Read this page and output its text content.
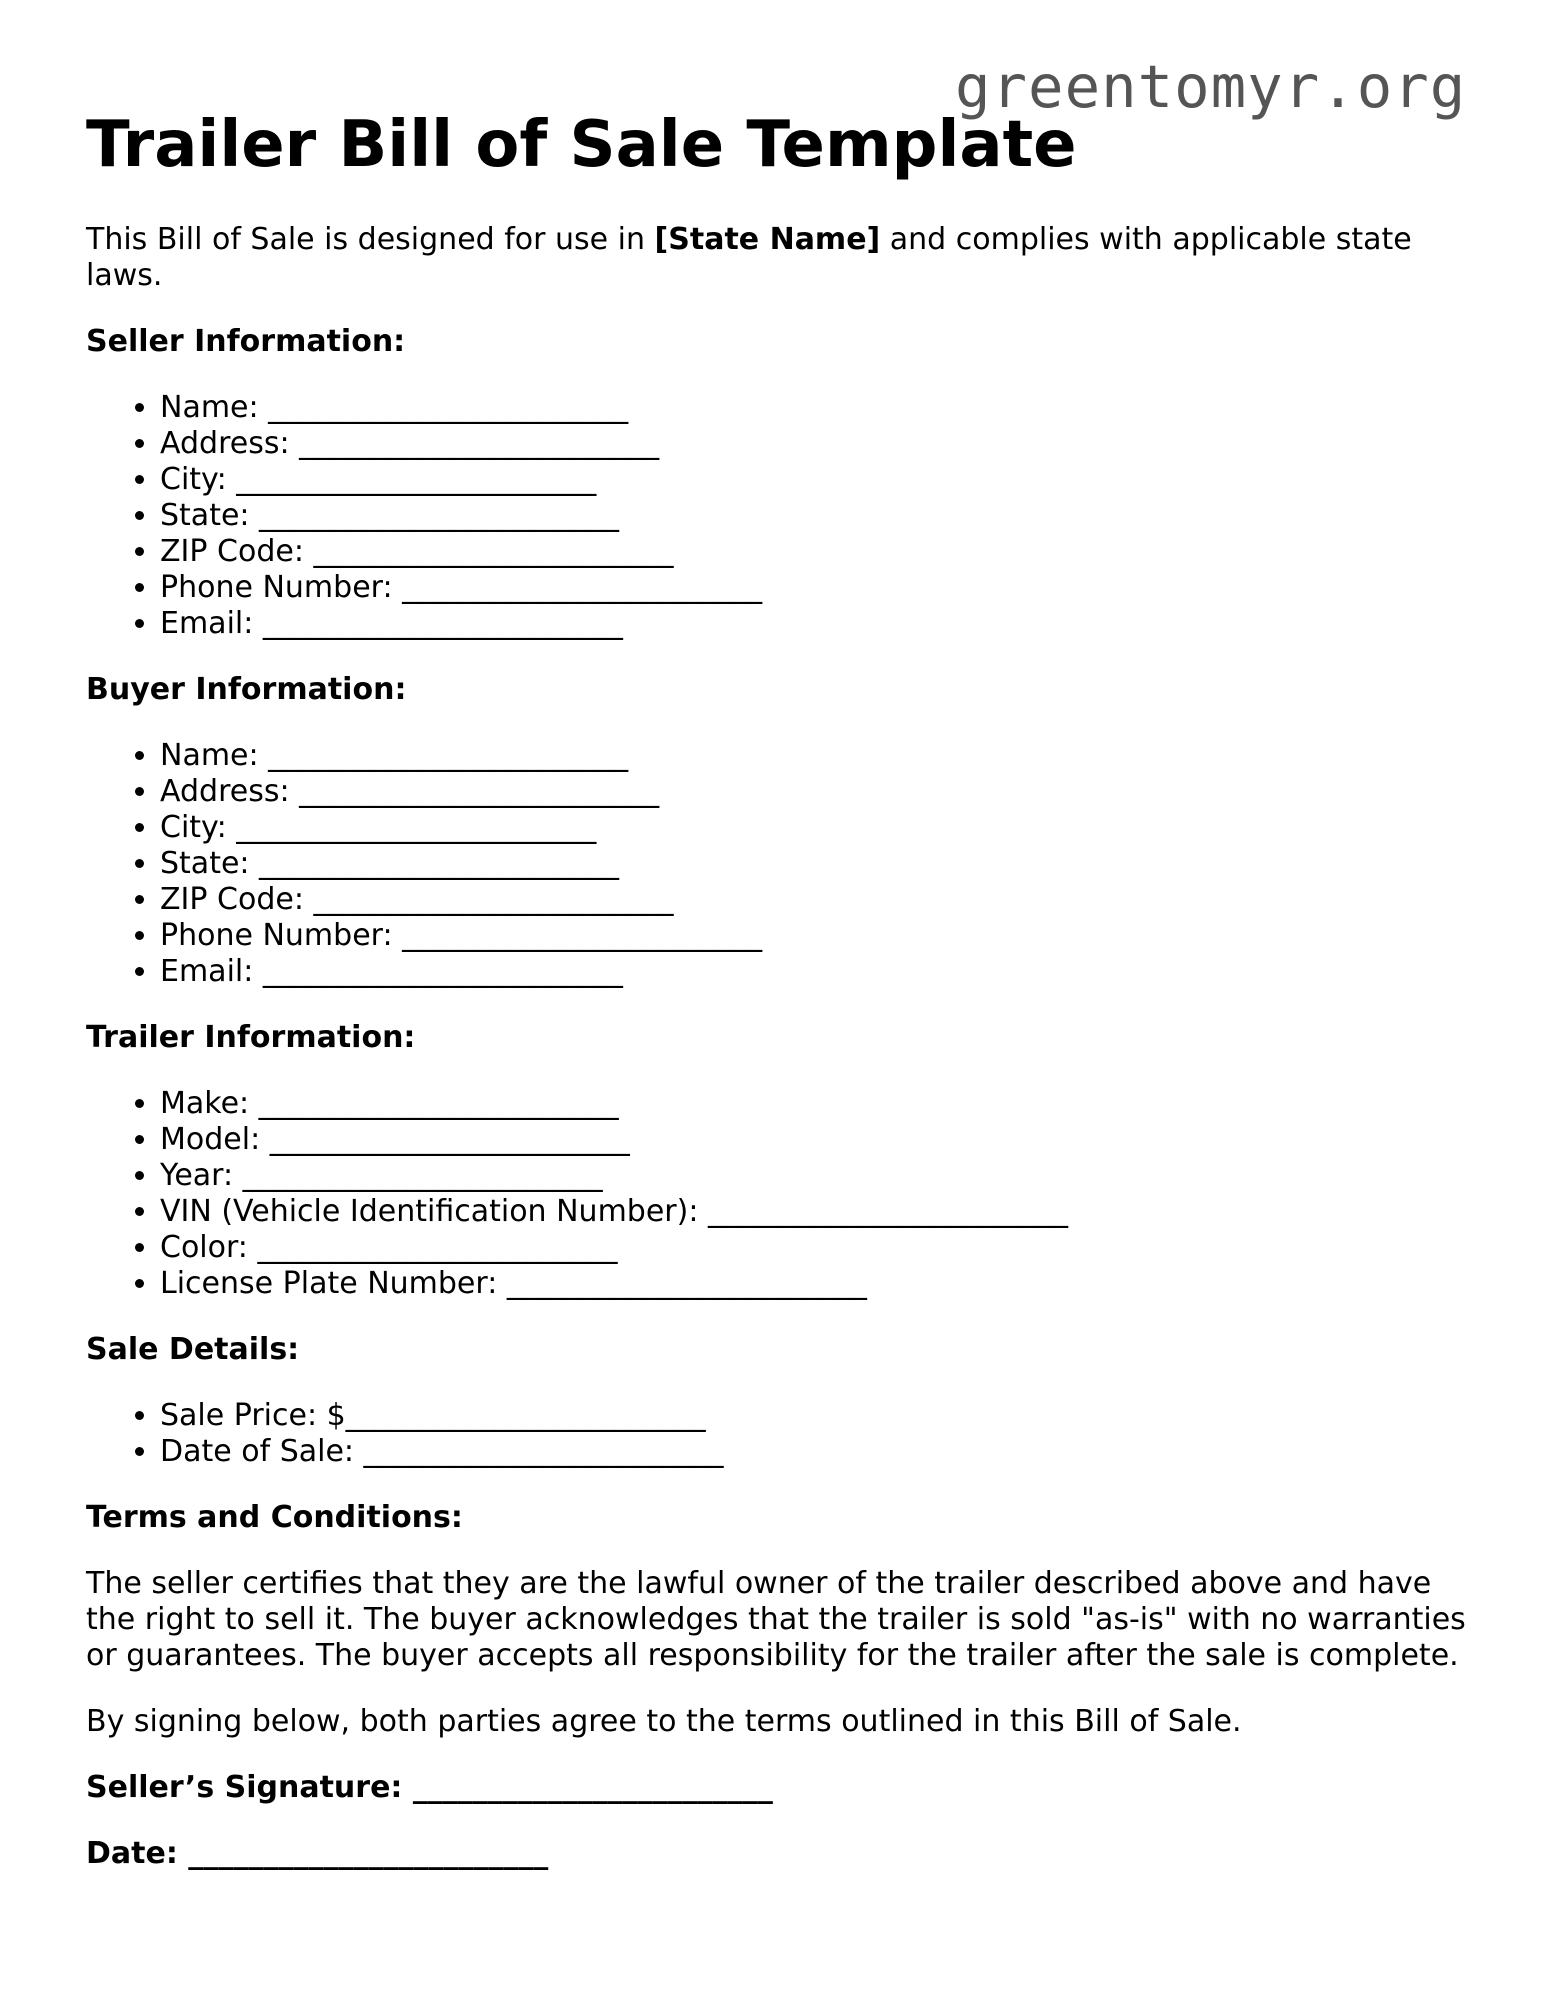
greentomyr.org
Trailer Bill of Sale Template

This Bill of Sale is designed for use in [State Name] and complies with applicable state laws.

Seller Information:
• Name: ________________________
• Address: ________________________
• City: ________________________
• State: ________________________
• ZIP Code: ________________________
• Phone Number: ________________________
• Email: ________________________
Buyer Information:
• Name: ________________________
• Address: ________________________
• City: ________________________
• State: ________________________
• ZIP Code: ________________________
• Phone Number: ________________________
• Email: ________________________
Trailer Information:
• Make: ________________________
• Model: ________________________
• Year: ________________________
• VIN (Vehicle Identification Number): ________________________
• Color: ________________________
• License Plate Number: ________________________
Sale Details:
• Sale Price: $________________________
• Date of Sale: ________________________
Terms and Conditions:

The seller certifies that they are the lawful owner of the trailer described above and have the right to sell it. The buyer acknowledges that the trailer is sold "as-is" with no warranties or guarantees. The buyer accepts all responsibility for the trailer after the sale is complete.

By signing below, both parties agree to the terms outlined in this Bill of Sale.

Seller’s Signature: ________________________
Date: ________________________
